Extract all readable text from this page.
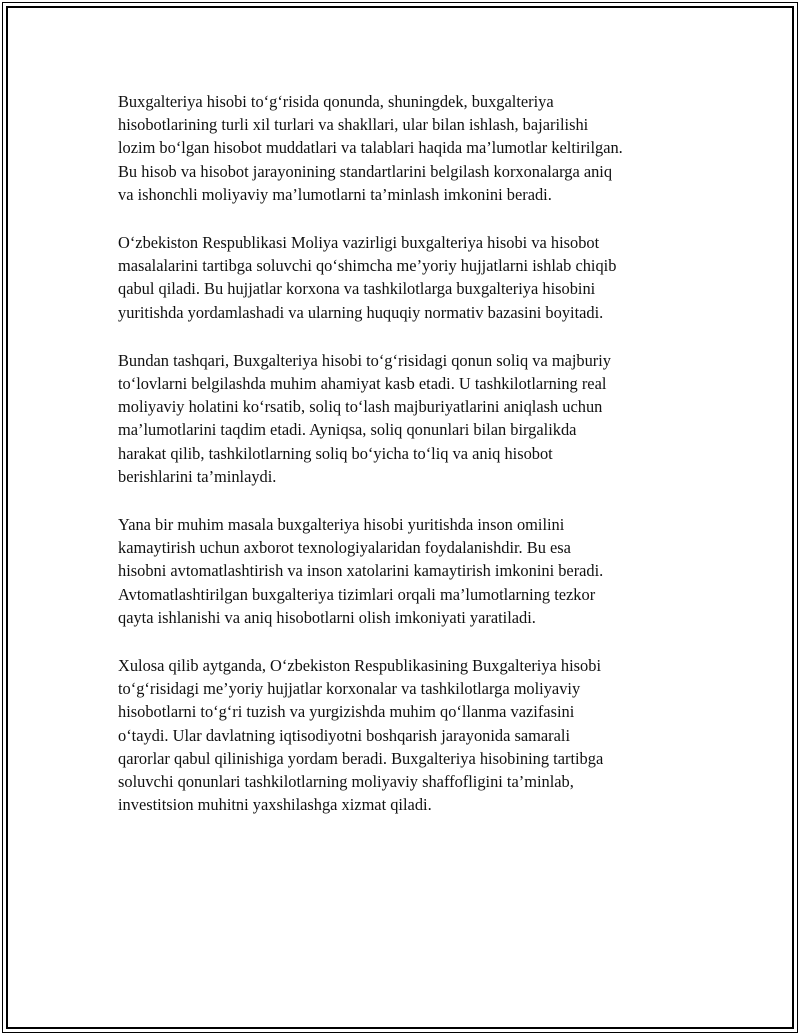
Buxgalteriya hisobi to‘g‘risida qonunda, shuningdek, buxgalteriya
hisobotlarining turli xil turlari va shakllari, ular bilan ishlash, bajarilishi
lozim bo‘lgan hisobot muddatlari va talablari haqida ma’lumotlar keltirilgan.
Bu hisob va hisobot jarayonining standartlarini belgilash korxonalarga aniq
va ishonchli moliyaviy ma’lumotlarni ta’minlash imkonini beradi.

O‘zbekiston Respublikasi Moliya vazirligi buxgalteriya hisobi va hisobot
masalalarini tartibga soluvchi qo‘shimcha me’yoriy hujjatlarni ishlab chiqib
qabul qiladi. Bu hujjatlar korxona va tashkilotlarga buxgalteriya hisobini
yuritishda yordamlashadi va ularning huquqiy normativ bazasini boyitadi.

Bundan tashqari, Buxgalteriya hisobi to‘g‘risidagi qonun soliq va majburiy
to‘lovlarni belgilashda muhim ahamiyat kasb etadi. U tashkilotlarning real
moliyaviy holatini ko‘rsatib, soliq to‘lash majburiyatlarini aniqlash uchun
ma’lumotlarini taqdim etadi. Ayniqsa, soliq qonunlari bilan birgalikda
harakat qilib, tashkilotlarning soliq bo‘yicha to‘liq va aniq hisobot
berishlarini ta’minlaydi.

Yana bir muhim masala buxgalteriya hisobi yuritishda inson omilini
kamaytirish uchun axborot texnologiyalaridan foydalanishdir. Bu esa
hisobni avtomatlashtirish va inson xatolarini kamaytirish imkonini beradi.
Avtomatlashtirilgan buxgalteriya tizimlari orqali ma’lumotlarning tezkor
qayta ishlanishi va aniq hisobotlarni olish imkoniyati yaratiladi.

Xulosa qilib aytganda, O‘zbekiston Respublikasining Buxgalteriya hisobi
to‘g‘risidagi me’yoriy hujjatlar korxonalar va tashkilotlarga moliyaviy
hisobotlarni to‘g‘ri tuzish va yurgizishda muhim qo‘llanma vazifasini
o‘taydi. Ular davlatning iqtisodiyotni boshqarish jarayonida samarali
qarorlar qabul qilinishiga yordam beradi. Buxgalteriya hisobining tartibga
soluvchi qonunlari tashkilotlarning moliyaviy shaffofligini ta’minlab,
investitsion muhitni yaxshilashga xizmat qiladi.
